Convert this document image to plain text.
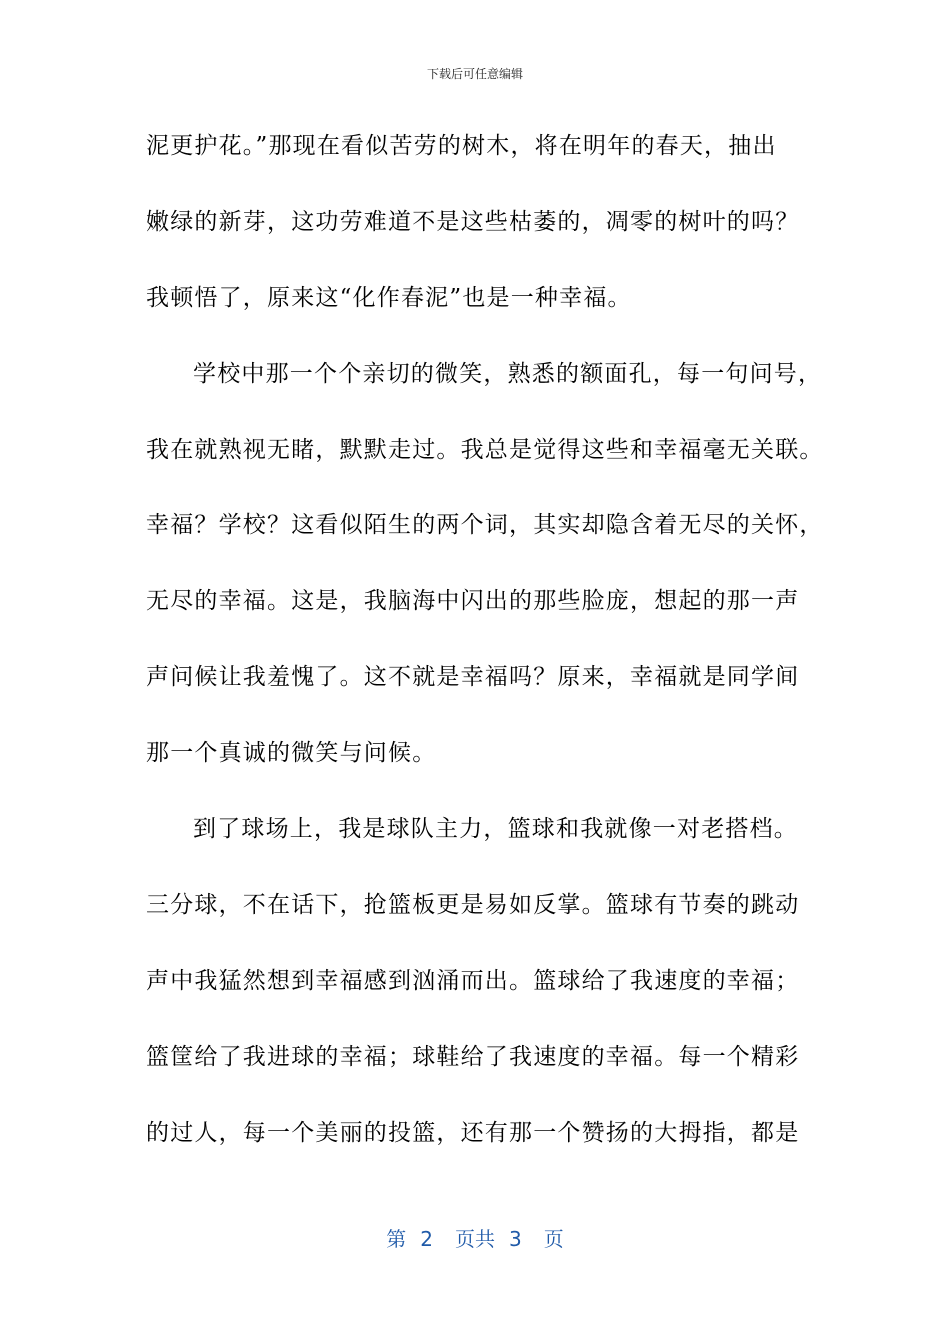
下载后可任意编辑
泥更护花。”那现在看似苦劳的树木，将在明年的春天，抽出
嫩绿的新芽，这功劳难道不是这些枯萎的，凋零的树叶的吗？
我顿悟了，原来这“化作春泥”也是一种幸福。
学校中那一个个亲切的微笑，熟悉的额面孔，每一句问号，
我在就熟视无睹，默默走过。我总是觉得这些和幸福毫无关联。
幸福？学校？这看似陌生的两个词，其实却隐含着无尽的关怀，
无尽的幸福。这是，我脑海中闪出的那些脸庞，想起的那一声
声问候让我羞愧了。这不就是幸福吗？原来，幸福就是同学间
那一个真诚的微笑与问候。
到了球场上，我是球队主力，篮球和我就像一对老搭档。
三分球，不在话下，抢篮板更是易如反掌。篮球有节奏的跳动
声中我猛然想到幸福感到汹涌而出。篮球给了我速度的幸福；
篮筐给了我进球的幸福；球鞋给了我速度的幸福。每一个精彩
的过人，每一个美丽的投篮，还有那一个赞扬的大拇指，都是
第 2 页共 3 页
